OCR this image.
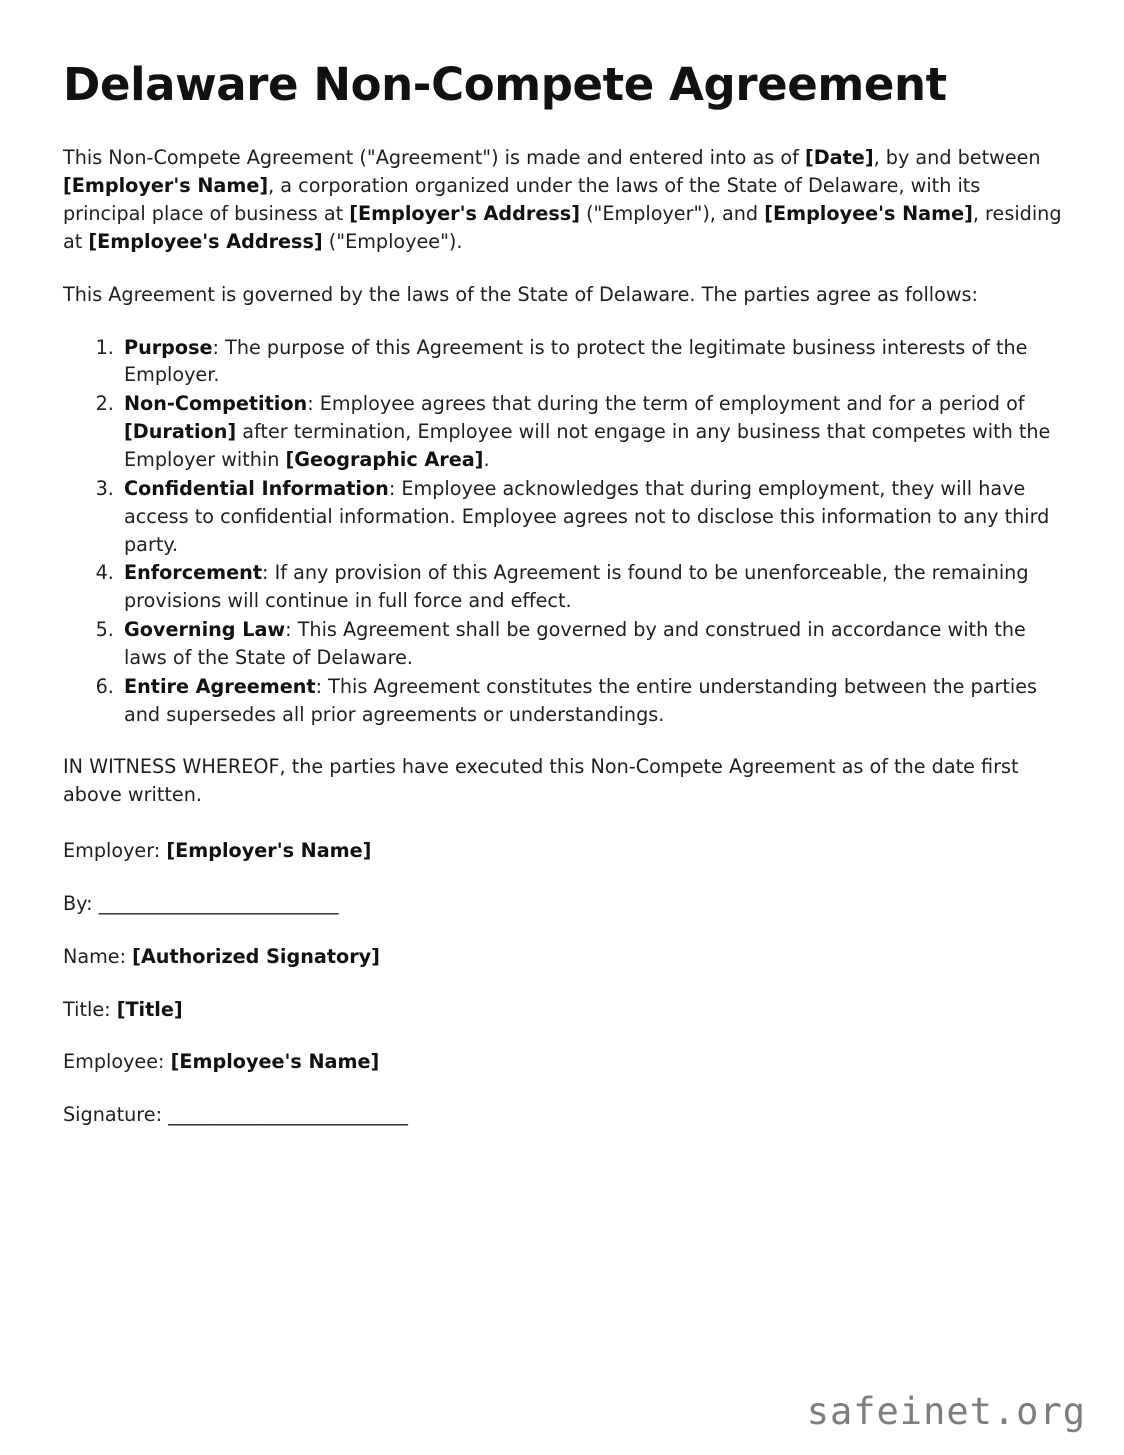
Delaware Non-Compete Agreement

This Non-Compete Agreement ("Agreement") is made and entered into as of [Date], by and between [Employer's Name], a corporation organized under the laws of the State of Delaware, with its principal place of business at [Employer's Address] ("Employer"), and [Employee's Name], residing at [Employee's Address] ("Employee").

This Agreement is governed by the laws of the State of Delaware. The parties agree as follows:

1. Purpose: The purpose of this Agreement is to protect the legitimate business interests of the Employer.
2. Non-Competition: Employee agrees that during the term of employment and for a period of [Duration] after termination, Employee will not engage in any business that competes with the Employer within [Geographic Area].
3. Confidential Information: Employee acknowledges that during employment, they will have access to confidential information. Employee agrees not to disclose this information to any third party.
4. Enforcement: If any provision of this Agreement is found to be unenforceable, the remaining provisions will continue in full force and effect.
5. Governing Law: This Agreement shall be governed by and construed in accordance with the laws of the State of Delaware.
6. Entire Agreement: This Agreement constitutes the entire understanding between the parties and supersedes all prior agreements or understandings.

IN WITNESS WHEREOF, the parties have executed this Non-Compete Agreement as of the date first above written.

Employer: [Employer's Name]
By: _________________________
Name: [Authorized Signatory]
Title: [Title]
Employee: [Employee's Name]
Signature: _________________________
safeinet.org
